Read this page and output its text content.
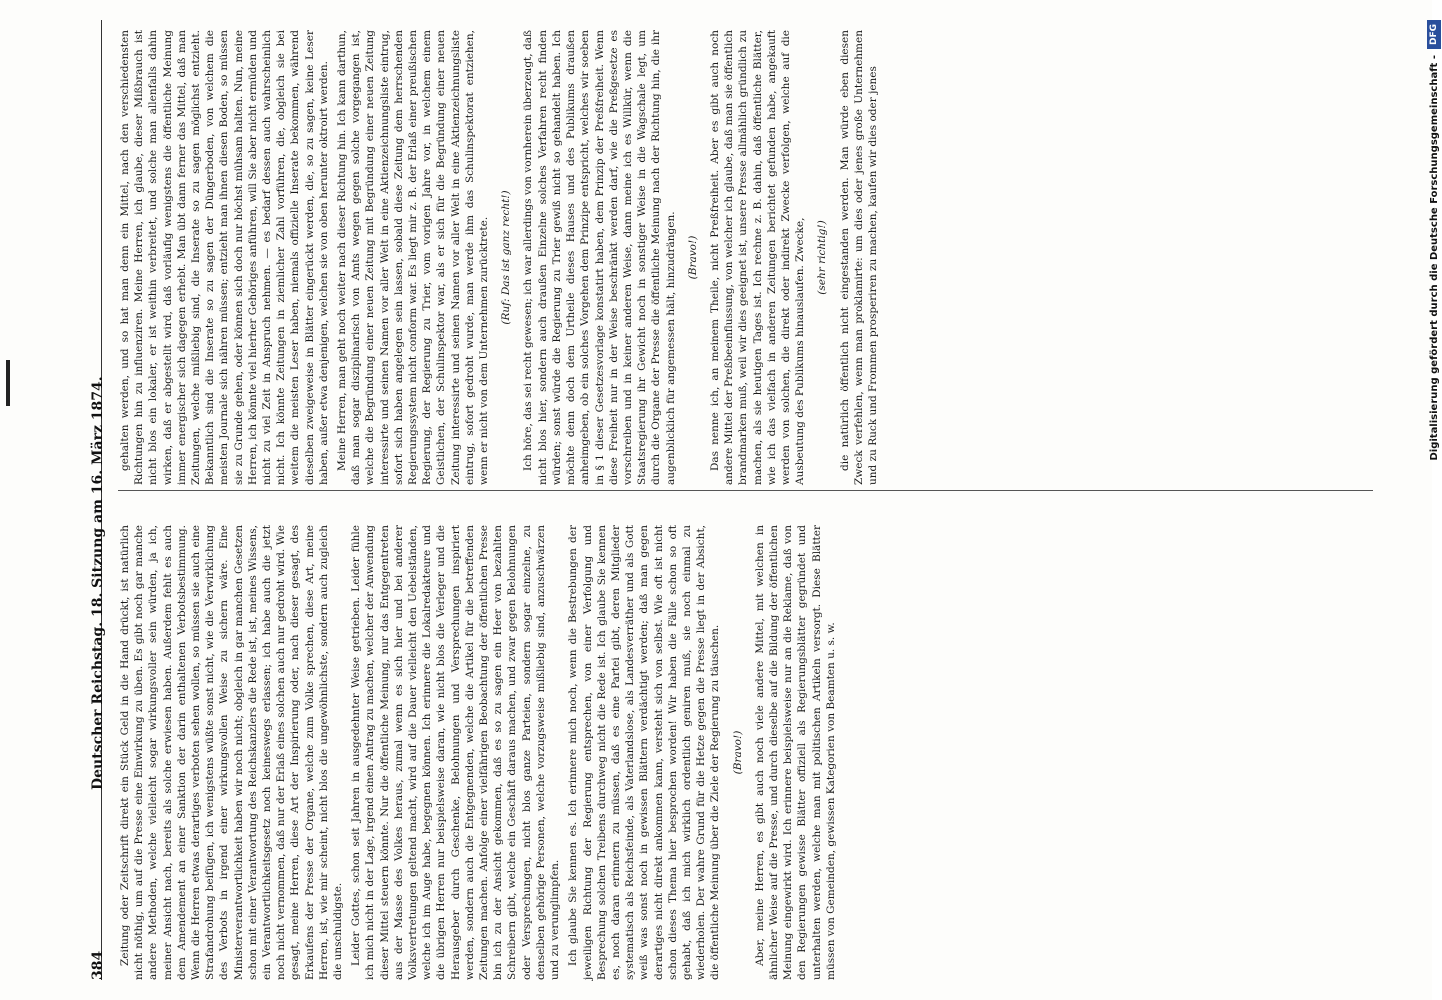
384
Deutscher Reichstag. 18. Sitzung am 16. März 1874. Zeitung oder Zeitschrift direkt ein Stück Geld in die Hand drückt, ist natürlich nicht nöthig, um auf die Presse eine Einwirkung zu üben. Es gibt noch gar manche andere Methoden, welche vielleicht sogar wirkungsvoller sein würden, ja ich, meiner Ansicht nach, bereits als solche erwiesen haben. Außerdem fehlt es auch dem Amendement an einer Sanktion der darin enthaltenen Verbotsbestimmung. Wenn die Herren etwas derartiges verboten sehen wollen, so müssen sie auch eine Strafandrohung beifügen, ich wenigstens wüßte sonst nicht, wie die Verwirklichung des Verbots in irgend einer wirkungsvollen Weise zu sichern wäre. Eine Ministerverantwortlichkeit haben wir noch nicht; obgleich in gar manchen Gesetzen schon mit einer Verantwortung des Reichskanzlers die Rede ist, ist, meines Wissens, ein Verantwortlichkeitsgesetz noch keineswegs erlassen; ich habe auch die jetzt noch nicht vernommen, daß nur der Erlaß eines solchen auch nur gedroht wird. Wie gesagt, meine Herren, diese Art der Inspirierung oder, nach dieser gesagt, des Erkaufens der Presse der Organe, welche zum Volke sprechen, diese Art, meine Herren, ist, wie mir scheint, nicht blos die ungewöhnlichste, sondern auch zugleich die unschuldigste. Leider Gottes, schon seit Jahren in ausgedehnter Weise getrieben. Leider fühle ich mich nicht in der Lage, irgend einen Antrag zu machen, welcher der Anwendung dieser Mittel steuern könnte. Nur die öffentliche Meinung, nur das Entgegentreten aus der Masse des Volkes heraus, zumal wenn es sich hier und bei anderer Volksvertretungen geltend macht, wird auf die Dauer vielleicht den Uebelständen, welche ich im Auge habe, begegnen können. Ich erinnere die Lokalredakteure und die übrigen Herren nur beispielsweise daran, wie nicht blos die Verleger und die Herausgeber durch Geschenke, Belohnungen und Versprechungen inspiriert werden, sondern auch die Entgegnenden, welche die Artikel für die betreffenden Zeitungen machen. Anfolge einer vielfährigen Beobachtung der öffentlichen Presse bin ich zu der Ansicht gekommen, daß es so zu sagen ein Heer von bezahlten Schreibern gibt, welche ein Geschäft daraus machen, und zwar gegen Belohnungen oder Versprechungen, nicht blos ganze Parteien, sondern sogar einzelne, zu denselben gehörige Personen, welche vorzugsweise mißliebig sind, anzuschwärzen und zu verunglimpfen. Ich glaube Sie kennen es. Ich erinnere mich noch, wenn die Bestrebungen der jeweiligen Richtung der Regierung entsprechen, von einer Verfolgung und Besprechung solchen Treibens durchweg nicht die Rede ist. Ich glaube Sie kennen es, noch daran erinnern zu müssen, daß es eine Partei gibt, deren Mitglieder systematisch als Reichsfeinde, als Vaterlandslose, als Landesverräther und als Gott weiß was sonst noch in gewissen Blättern verdächtigt werden; daß man gegen derartiges nicht direkt ankommen kann, versteht sich von selbst. Wie oft ist nicht schon dieses Thema hier besprochen worden! Wir haben die Fälle schon so oft gehabt, daß ich mich wirklich ordentlich geniren muß, sie noch einmal zu wiederholen. Der wahre Grund für die Hetze gegen die Presse liegt in der Absicht, die öffentliche Meinung über die Ziele der Regierung zu täuschen. (Bravo!) Aber, meine Herren, es gibt auch noch viele andere Mittel, mit welchen in ähnlicher Weise auf die Presse, und durch dieselbe auf die Bildung der öffentlichen Meinung eingewirkt wird. Ich erinnere beispielsweise nur an die Reklame, daß von den Regierungen gewisse Blätter offiziell als Regierungsblätter gegründet und unterhalten werden, welche man mit politischen Artikeln versorgt. Diese Blätter müssen von Gemeinden, gewissen Kategorien von Beamten u. s. w.

gehalten werden, und so hat man denn ein Mittel, nach den verschiedensten Richtungen hin zu influenziren. Meine Herren, ich glaube, dieser Mißbrauch ist nicht blos ein lokaler, er ist weithin verbreitet, und solche man allenfalls dahin wirken, daß er abgestellt wird, daß vorläufig wenigstens die öffentliche Meinung immer energischer sich dagegen erhebt. Man übt dann ferner das Mittel, daß man Zeitungen, welche mißliebig sind, die Inserate so zu sagen möglichst entzieht. Bekanntlich sind die Inserate so zu sagen der Düngerboden, von welchem die meisten Journale sich nähren müssen; entzieht man ihnen diesen Boden, so müssen sie zu Grunde gehen, oder können sich doch nur höchst mühsam halten. Nun, meine Herren, ich könnte viel hierher Gehöriges anführen, will Sie aber nicht ermüden und nicht zu viel Zeit in Anspruch nehmen. — es bedarf dessen auch wahrscheinlich nicht. Ich könnte Zeitungen in ziemlicher Zahl vorführen, die, obgleich sie bei weitem die meisten Leser haben, niemals offizielle Inserate bekommen, während dieselben zweigeweise in Blätter eingerückt werden, die, so zu sagen, keine Leser haben, außer etwa denjenigen, welchen sie von oben herunter oktroirt werden. Meine Herren, man geht noch weiter nach dieser Richtung hin. Ich kann darthun, daß man sogar disziplinarisch von Amts wegen gegen solche vorgegangen ist, welche die Begründung einer neuen Zeitung mit Begründung einer neuen Zeitung interessirte und seinen Namen vor aller Welt in eine Aktienzeichnungsliste eintrug, sofort sich haben angelegen sein lassen, sobald diese Zeitung dem herrschenden Regierungssystem nicht conform war. Es liegt mir z. B. der Erlaß einer preußischen Regierung, der Regierung zu Trier, vom vorigen Jahre vor, in welchem einem Geistlichen, der Schulinspektor war, als er sich für die Begründung einer neuen Zeitung interessirte und seinen Namen vor aller Welt in eine Aktienzeichnungsliste eintrug, sofort gedroht wurde, man werde ihm das Schulinspektorat entziehen, wenn er nicht von dem Unternehmen zurücktrete. (Ruf: Das ist ganz recht!) Ich höre, das sei recht gewesen; ich war allerdings von vornherein überzeugt, daß nicht blos hier, sondern auch draußen Einzelne solches Verfahren recht finden würden; sonst würde die Regierung zu Trier gewiß nicht so gehandelt haben. Ich möchte denn doch dem Urtheile dieses Hauses und des Publikums draußen anheimgeben, ob ein solches Vorgehen dem Prinzipe entspricht, welches wir soeben in § 1 dieser Gesetzesvorlage konstatirt haben, dem Prinzip der Preßfreiheit. Wenn diese Freiheit nur in der Weise beschränkt werden darf, wie die Preßgesetze es vorschreiben und in keiner anderen Weise, dann meine ich es Willkür, wenn die Staatsregierung ihr Gewicht noch in sonstiger Weise in die Wagschale legt, um durch die Organe der Presse die öffentliche Meinung nach der Richtung hin, die ihr augenblicklich für angemessen hält, hinzudrängen. (Bravo!) Das nenne ich, an meinem Theile, nicht Preßfreiheit. Aber es gibt auch noch andere Mittel der Preßbeeinflussung, von welcher ich glaube, daß man sie öffentlich brandmarken muß, weil wir dies geeignet ist, unsere Presse allmählich gründlich zu machen, als sie heutigen Tages ist. Ich rechne z. B. dahin, daß öffentliche Blätter, wie ich das vielfach in anderen Zeitungen berichtet gefunden habe, angekauft werden von solchen, die direkt oder indirekt Zwecke verfolgen, welche auf die Ausbeutung des Publikums hinauslaufen. Zwecke, (sehr richtig!) die natürlich öffentlich nicht eingestanden werden. Man würde eben diesen Zweck verfehlen, wenn man proklamirte: um dies oder jenes große Unternehmen und zu Ruck und Frommen prosperiren zu machen, kaufen wir dies oder jenes	Digitalisierung gefördert durch die Deutsche Forschungsgemeinschaft -
DFG
